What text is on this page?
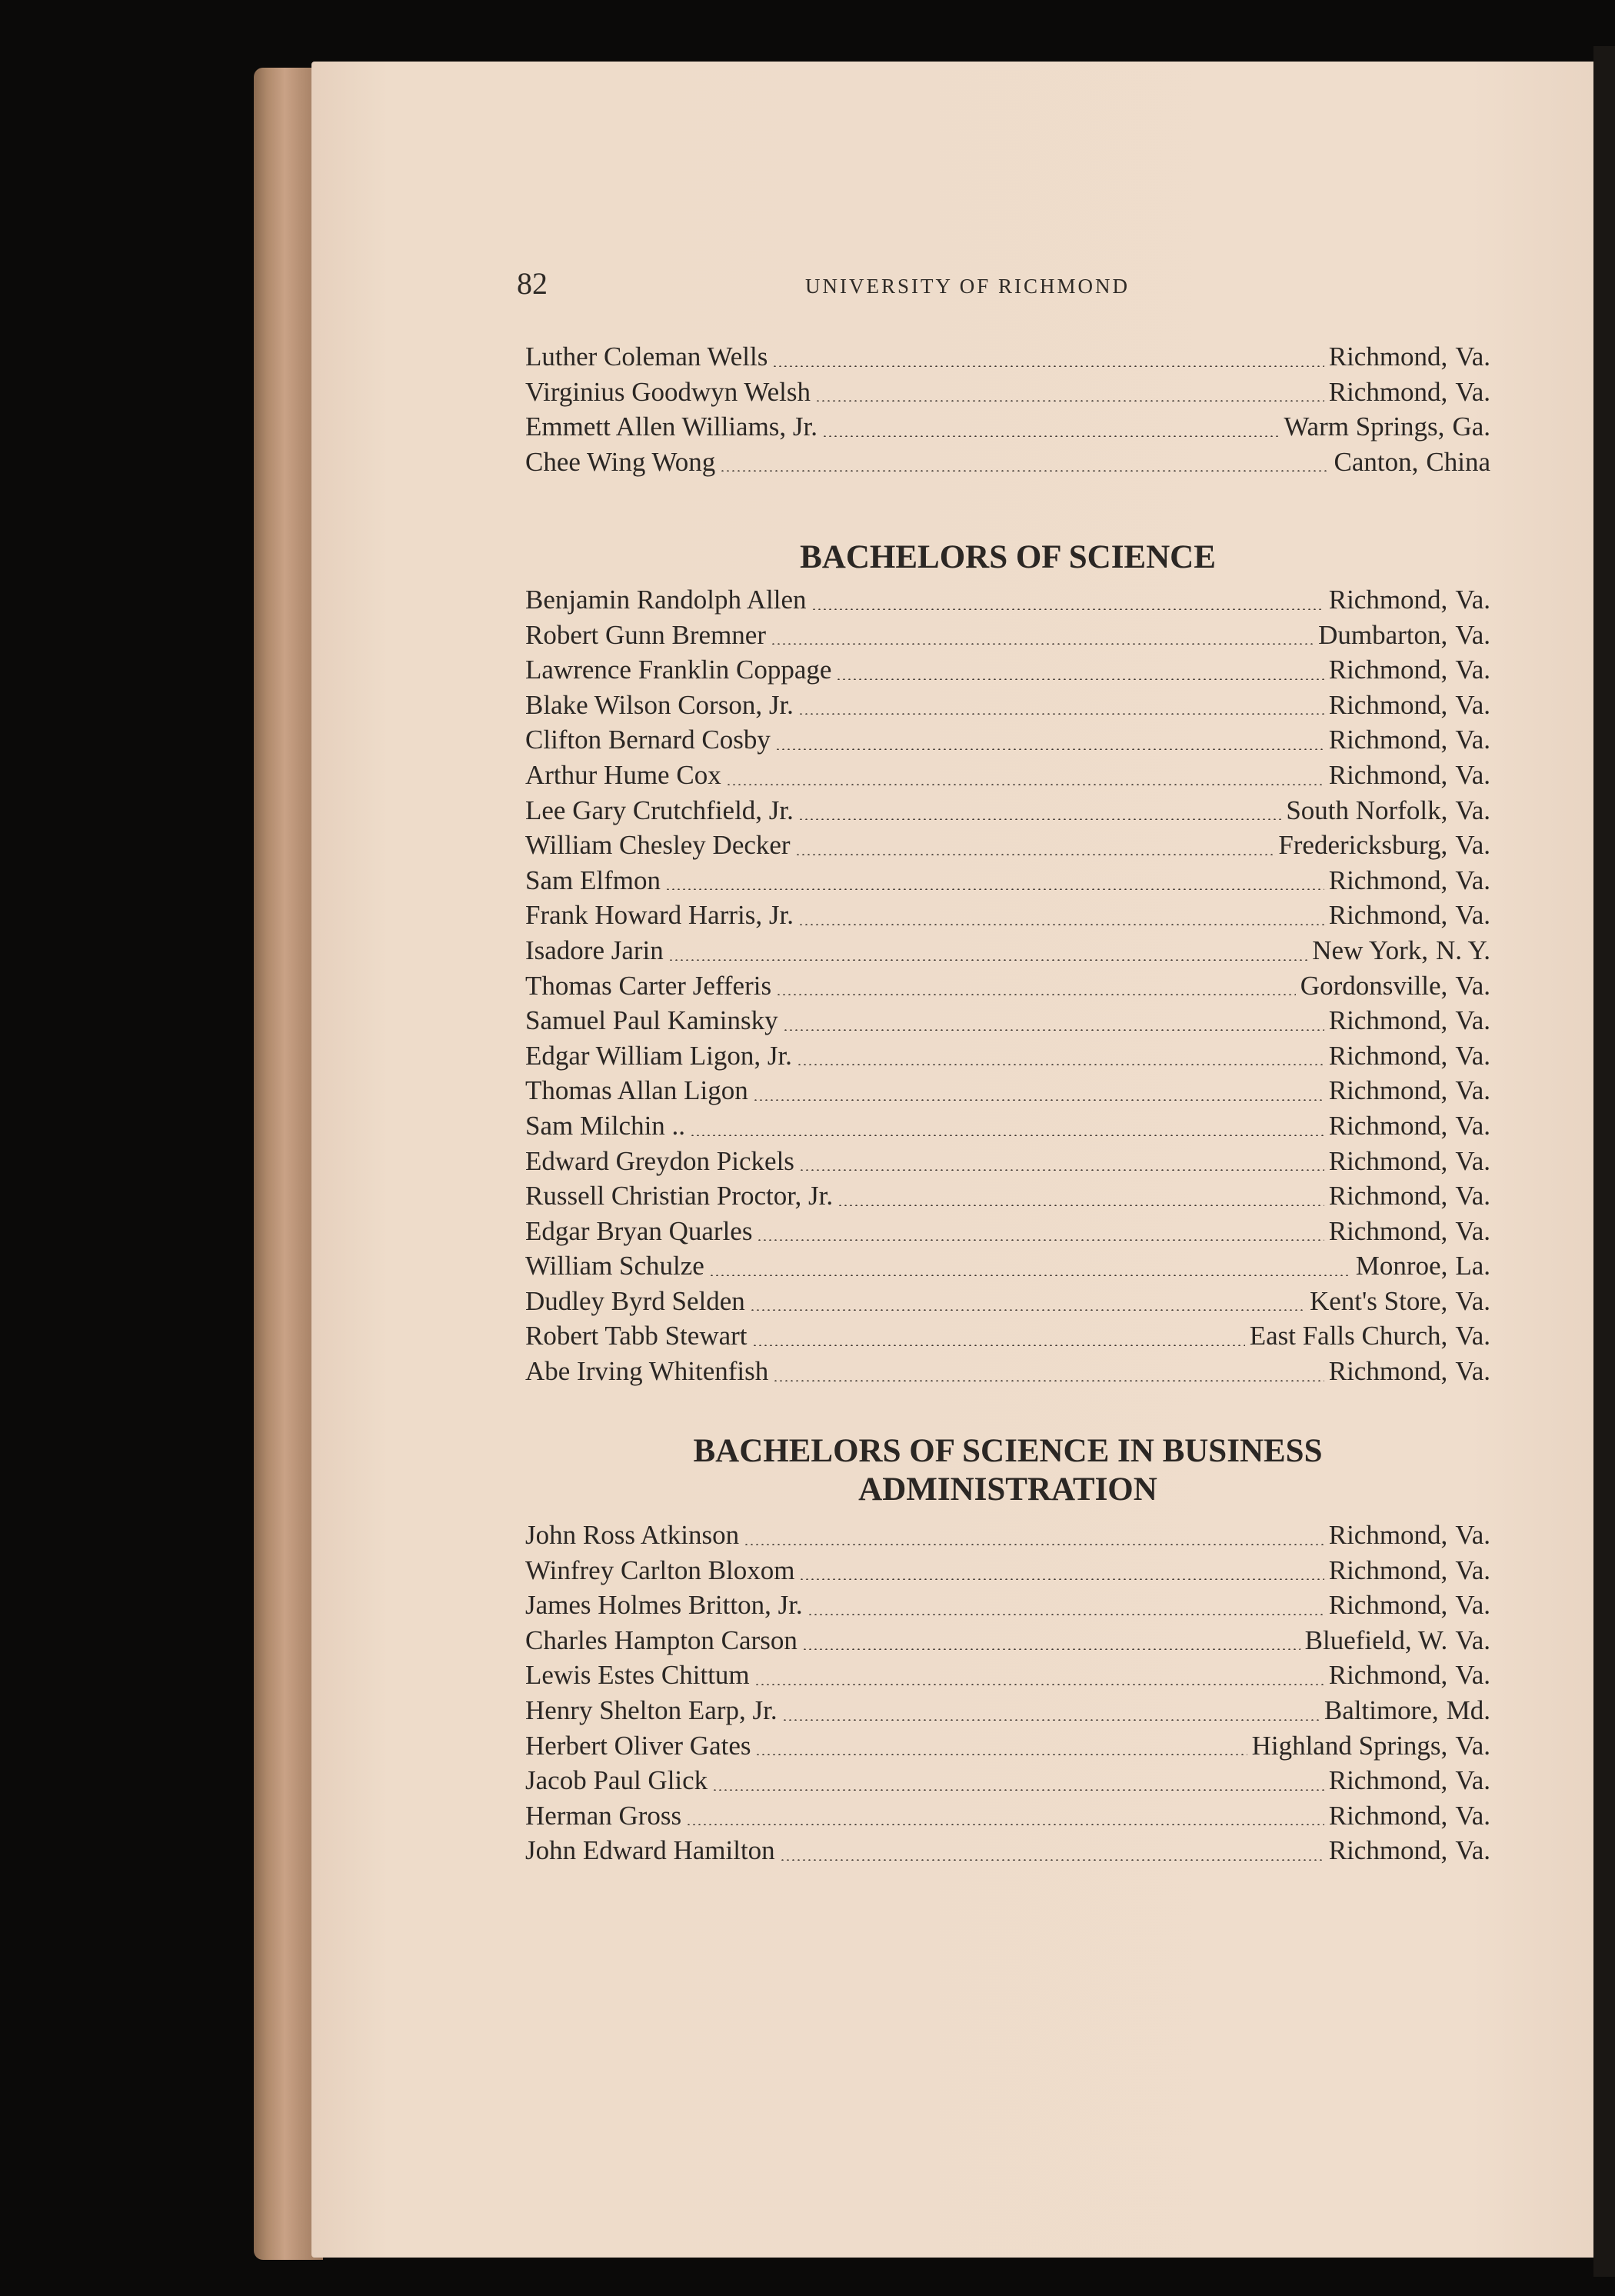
82	UNIVERSITY OF RICHMOND
Luther Coleman Wells	Richmond, Va.
Virginius Goodwyn Welsh	Richmond, Va.
Emmett Allen Williams, Jr.	Warm Springs, Ga.
Chee Wing Wong	Canton, China
BACHELORS OF SCIENCE
Benjamin Randolph Allen	Richmond, Va.
Robert Gunn Bremner	Dumbarton, Va.
Lawrence Franklin Coppage	Richmond, Va.
Blake Wilson Corson, Jr.	Richmond, Va.
Clifton Bernard Cosby	Richmond, Va.
Arthur Hume Cox	Richmond, Va.
Lee Gary Crutchfield, Jr.	South Norfolk, Va.
William Chesley Decker	Fredericksburg, Va.
Sam Elfmon	Richmond, Va.
Frank Howard Harris, Jr.	Richmond, Va.
Isadore Jarin	New York, N. Y.
Thomas Carter Jefferis	Gordonsville, Va.
Samuel Paul Kaminsky	Richmond, Va.
Edgar William Ligon, Jr.	Richmond, Va.
Thomas Allan Ligon	Richmond, Va.
Sam Milchin ..	Richmond, Va.
Edward Greydon Pickels	Richmond, Va.
Russell Christian Proctor, Jr.	Richmond, Va.
Edgar Bryan Quarles	Richmond, Va.
William Schulze	Monroe, La.
Dudley Byrd Selden	Kent's Store, Va.
Robert Tabb Stewart	East Falls Church, Va.
Abe Irving Whitenfish	Richmond, Va.
BACHELORS OF SCIENCE IN BUSINESS
ADMINISTRATION
John Ross Atkinson	Richmond, Va.
Winfrey Carlton Bloxom	Richmond, Va.
James Holmes Britton, Jr.	Richmond, Va.
Charles Hampton Carson	Bluefield, W. Va.
Lewis Estes Chittum	Richmond, Va.
Henry Shelton Earp, Jr.	Baltimore, Md.
Herbert Oliver Gates	Highland Springs, Va.
Jacob Paul Glick	Richmond, Va.
Herman Gross	Richmond, Va.
John Edward Hamilton	Richmond, Va.
